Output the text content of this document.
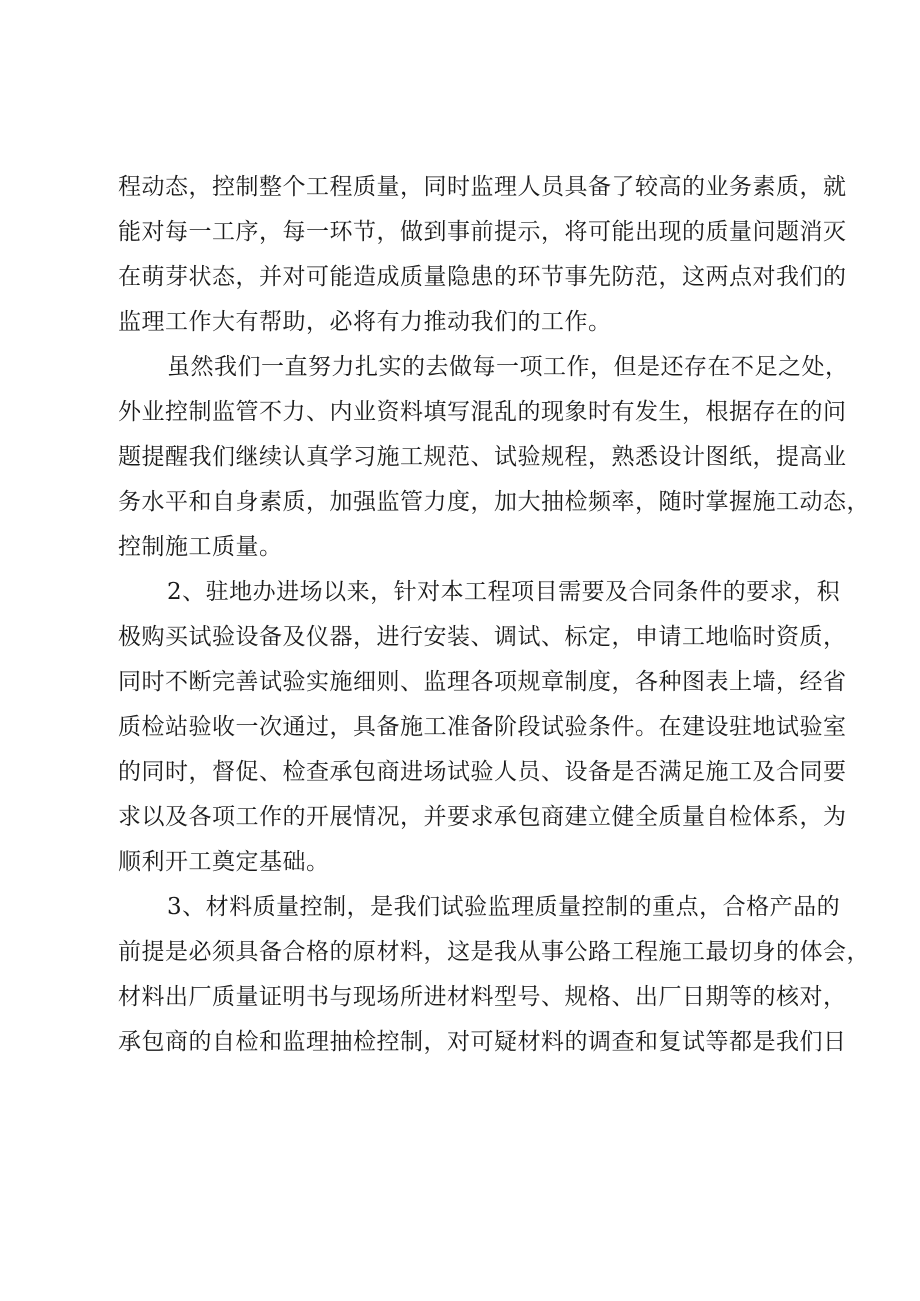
程动态，控制整个工程质量，同时监理人员具备了较高的业务素质，就
能对每一工序，每一环节，做到事前提示，将可能出现的质量问题消灭
在萌芽状态，并对可能造成质量隐患的环节事先防范，这两点对我们的
监理工作大有帮助，必将有力推动我们的工作。

虽然我们一直努力扎实的去做每一项工作，但是还存在不足之处，
外业控制监管不力、内业资料填写混乱的现象时有发生，根据存在的问
题提醒我们继续认真学习施工规范、试验规程，熟悉设计图纸，提高业
务水平和自身素质，加强监管力度，加大抽检频率，随时掌握施工动态，
控制施工质量。

2、驻地办进场以来，针对本工程项目需要及合同条件的要求，积
极购买试验设备及仪器，进行安装、调试、标定，申请工地临时资质，
同时不断完善试验实施细则、监理各项规章制度，各种图表上墙，经省
质检站验收一次通过，具备施工准备阶段试验条件。在建设驻地试验室
的同时，督促、检查承包商进场试验人员、设备是否满足施工及合同要
求以及各项工作的开展情况，并要求承包商建立健全质量自检体系，为
顺利开工奠定基础。

3、材料质量控制，是我们试验监理质量控制的重点，合格产品的
前提是必须具备合格的原材料，这是我从事公路工程施工最切身的体会，
材料出厂质量证明书与现场所进材料型号、规格、出厂日期等的核对，
承包商的自检和监理抽检控制，对可疑材料的调查和复试等都是我们日
